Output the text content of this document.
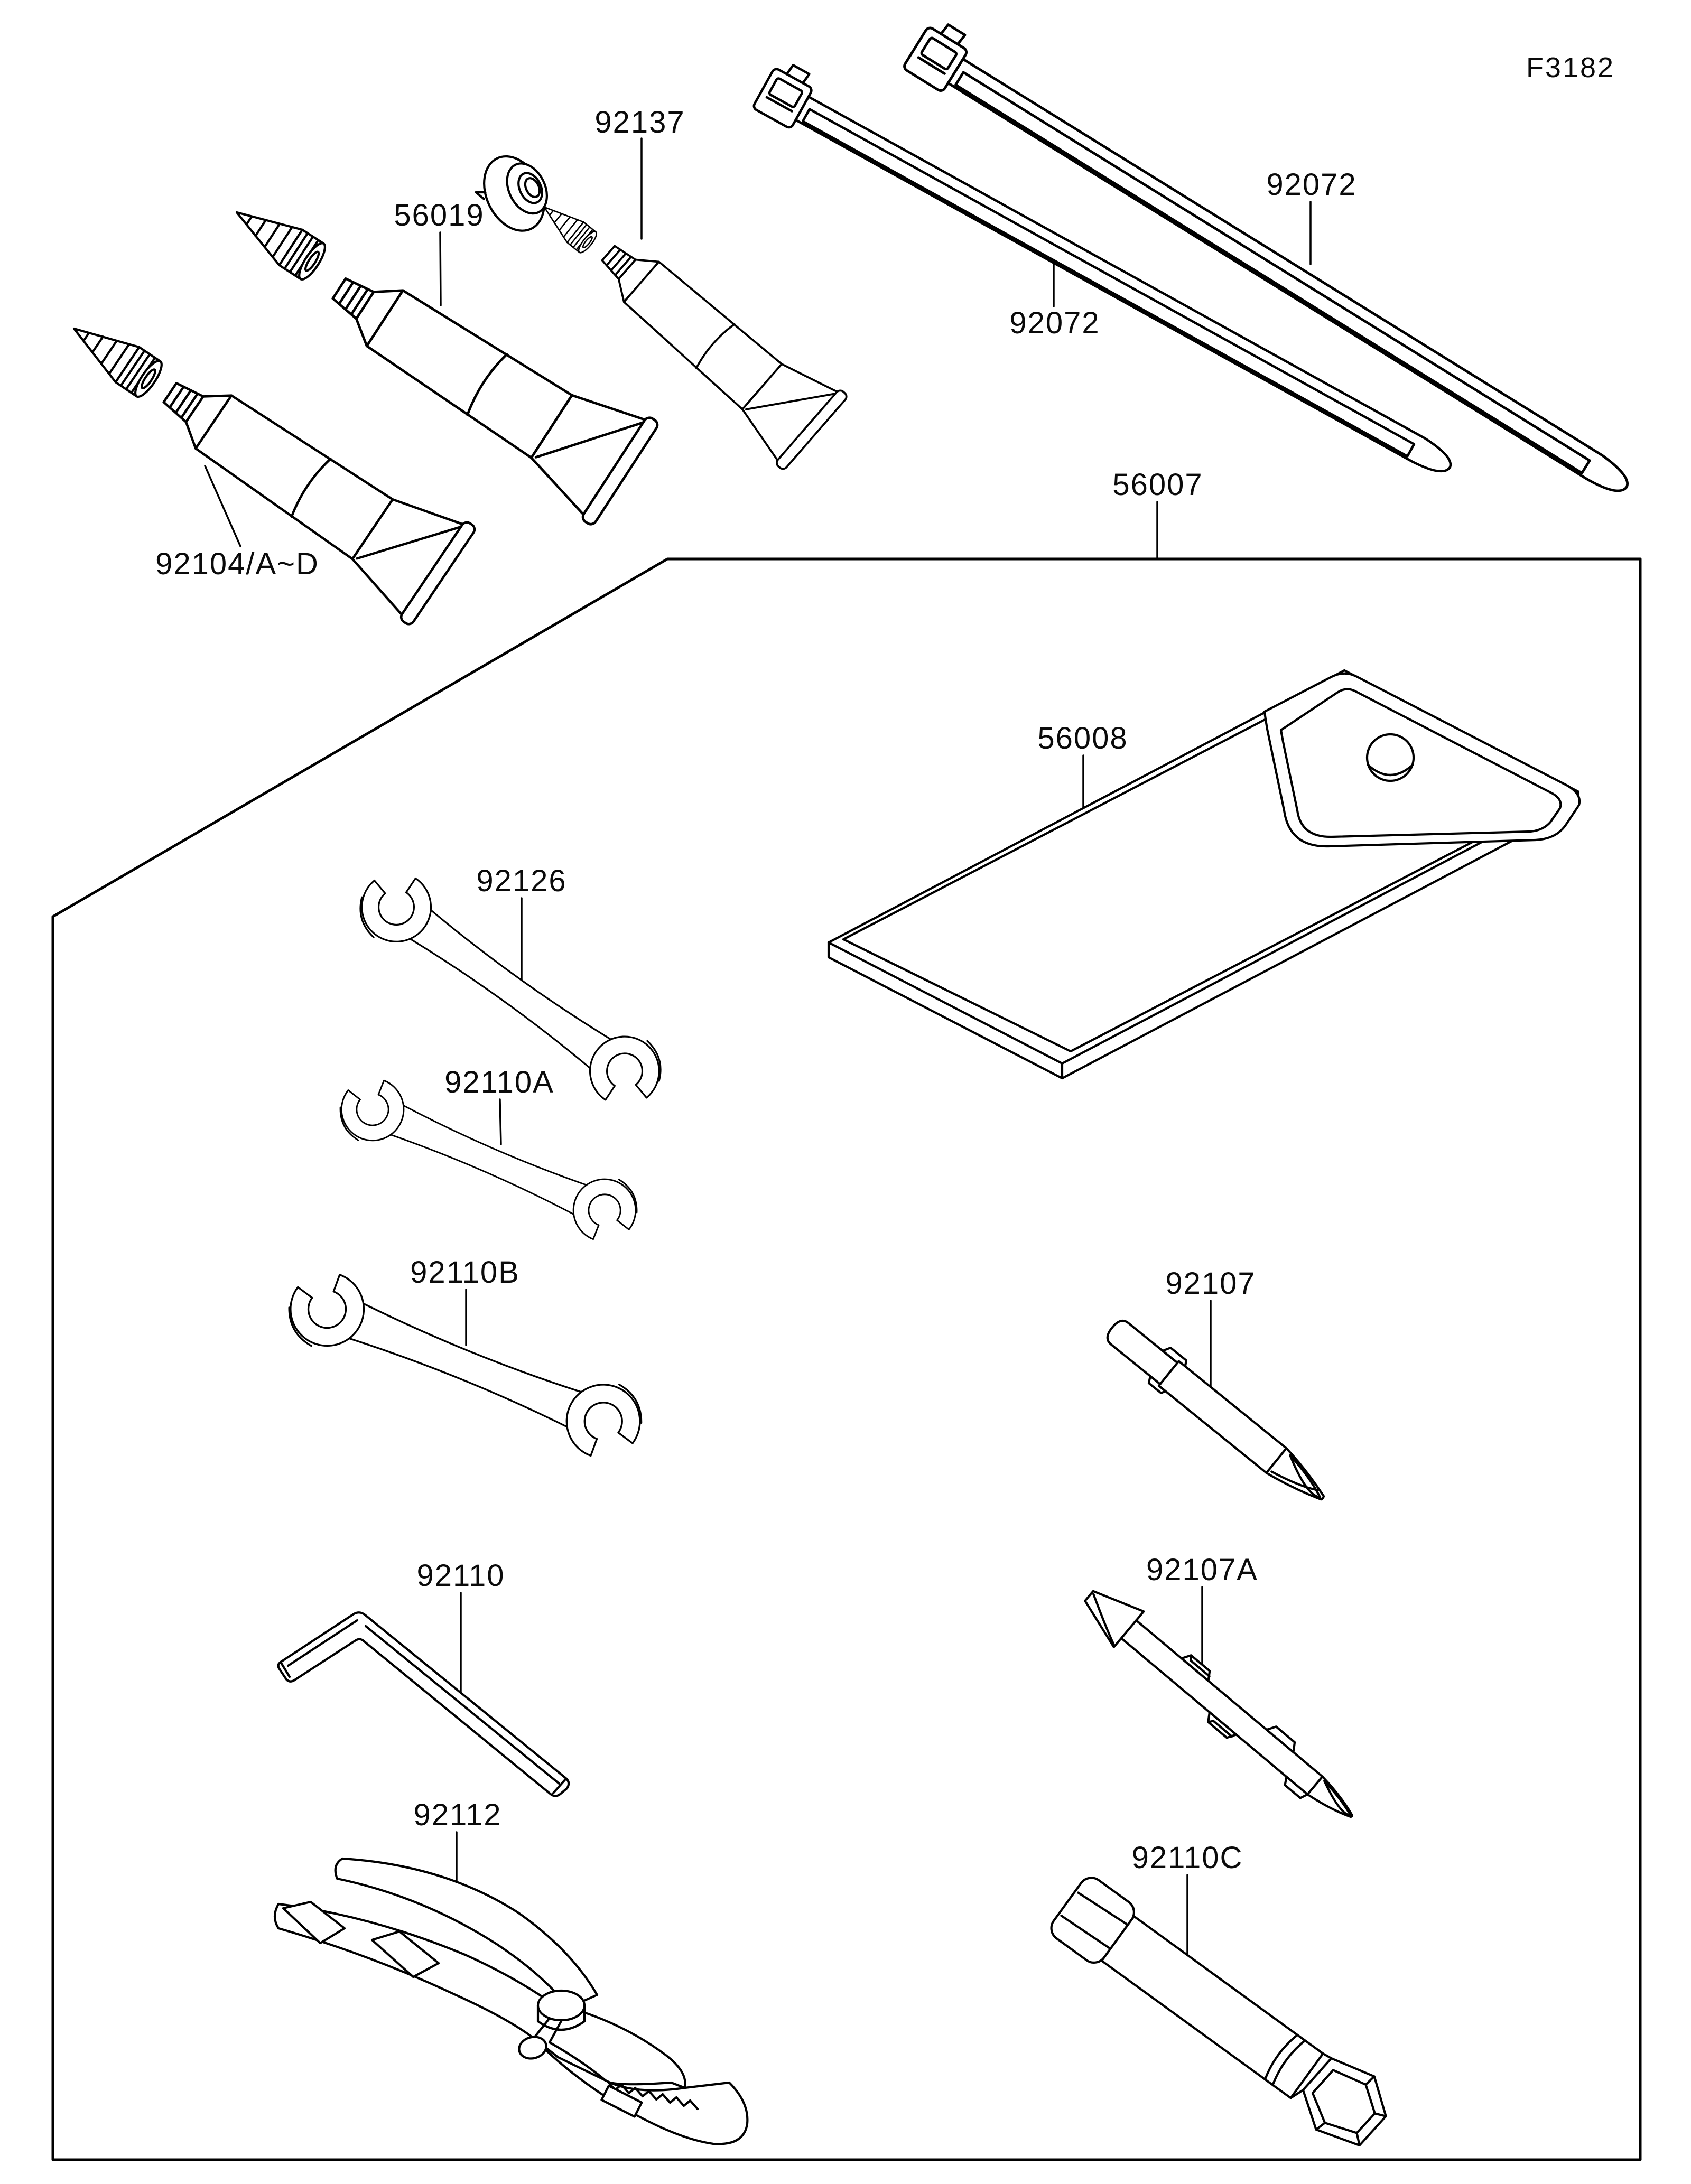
F3182
92137
56019
92104/A~D
92072
92072
56007
56008
92126
92110A
92110B
92110
92112
92107
92107A
92110C
